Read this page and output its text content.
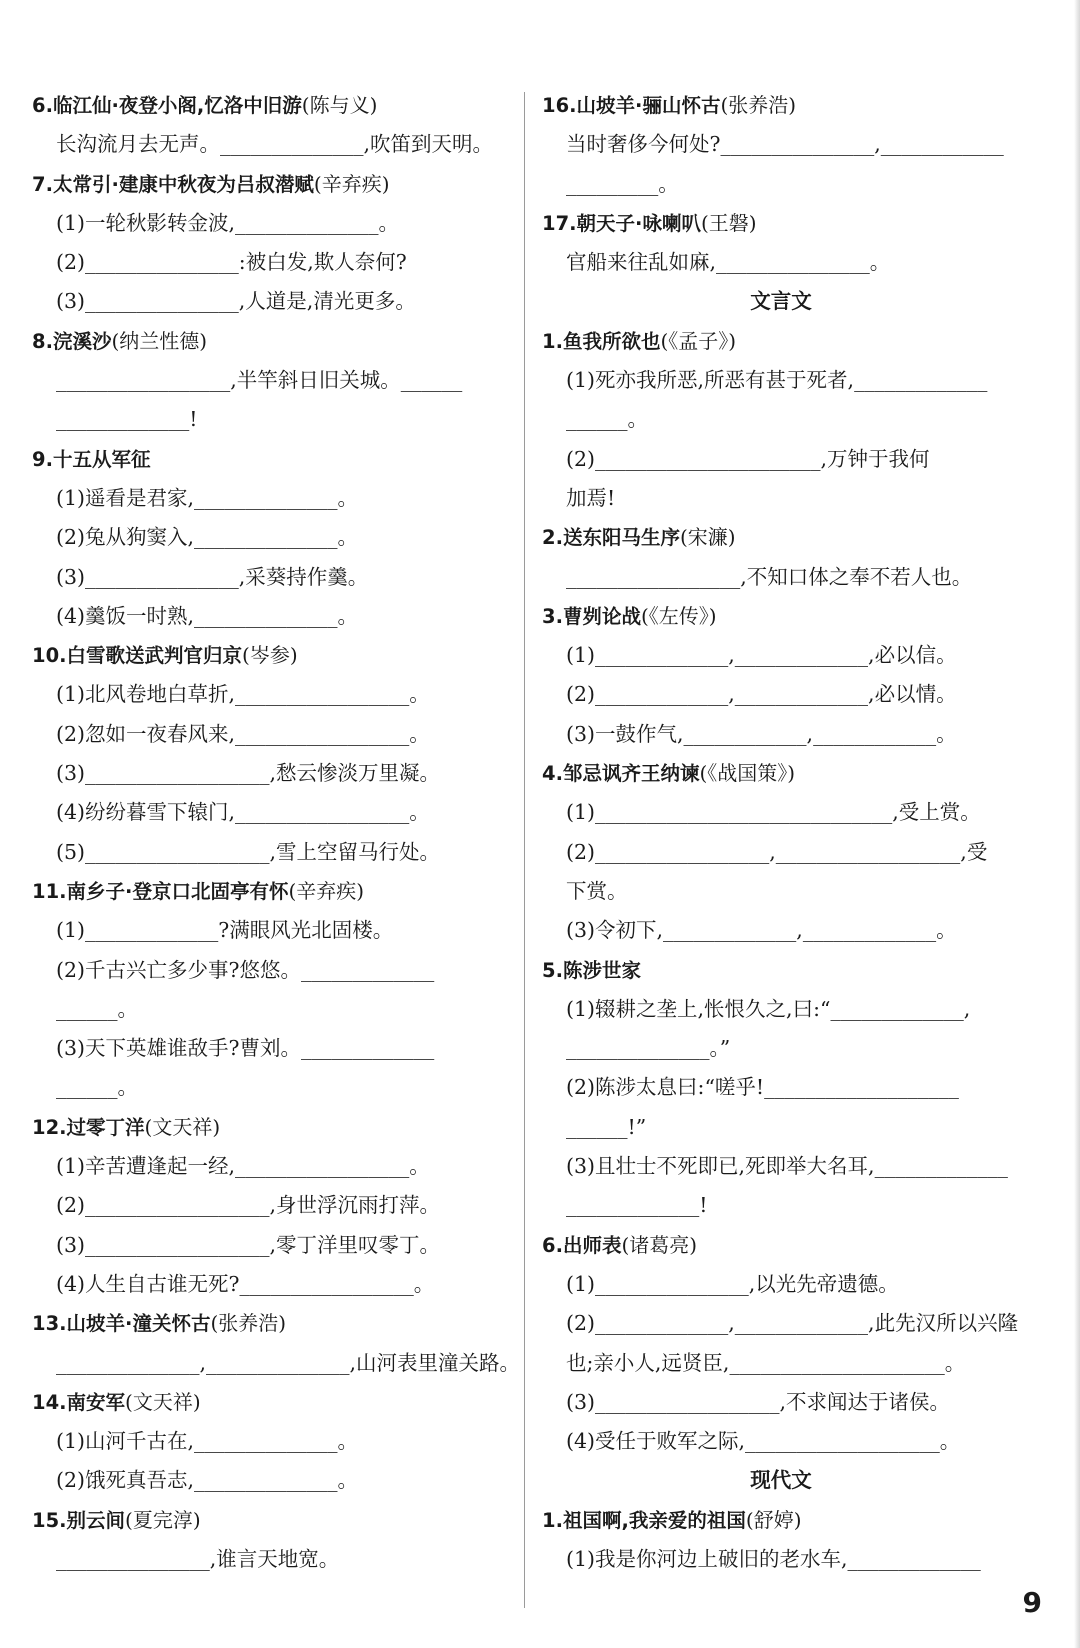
6.临江仙·夜登小阁,忆洛中旧游(陈与义)
长沟流月去无声。______________,吹笛到天明。
7.太常引·建康中秋夜为吕叔潜赋(辛弃疾)
(1)一轮秋影转金波,______________。
(2)_______________:被白发,欺人奈何?
(3)_______________,人道是,清光更多。
8.浣溪沙(纳兰性德)
_________________,半竿斜日旧关城。______
_____________!
9.十五从军征
(1)遥看是君家,______________。
(2)兔从狗窦入,______________。
(3)_______________,采葵持作羹。
(4)羹饭一时熟,______________。
10.白雪歌送武判官归京(岑参)
(1)北风卷地白草折,_________________。
(2)忽如一夜春风来,_________________。
(3)__________________,愁云惨淡万里凝。
(4)纷纷暮雪下辕门,_________________。
(5)__________________,雪上空留马行处。
11.南乡子·登京口北固亭有怀(辛弃疾)
(1)_____________?满眼风光北固楼。
(2)千古兴亡多少事?悠悠。_____________
______。
(3)天下英雄谁敌手?曹刘。_____________
______。
12.过零丁洋(文天祥)
(1)辛苦遭逢起一经,_________________。
(2)__________________,身世浮沉雨打萍。
(3)__________________,零丁洋里叹零丁。
(4)人生自古谁无死?_________________。
13.山坡羊·潼关怀古(张养浩)
______________,______________,山河表里潼关路。
14.南安军(文天祥)
(1)山河千古在,______________。
(2)饿死真吾志,______________。
15.别云间(夏完淳)
_______________,谁言天地宽。
16.山坡羊·骊山怀古(张养浩)
当时奢侈今何处?_______________,____________
_________。
17.朝天子·咏喇叭(王磐)
官船来往乱如麻,_______________。
文言文
1.鱼我所欲也(《孟子》)
(1)死亦我所恶,所恶有甚于死者,_____________
______。
(2)______________________,万钟于我何
加焉!
2.送东阳马生序(宋濂)
_________________,不知口体之奉不若人也。
3.曹刿论战(《左传》)
(1)_____________,_____________,必以信。
(2)_____________,_____________,必以情。
(3)一鼓作气,____________,____________。
4.邹忌讽齐王纳谏(《战国策》)
(1)_____________________________,受上赏。
(2)_________________,__________________,受
下赏。
(3)令初下,_____________,_____________。
5.陈涉世家
(1)辍耕之垄上,怅恨久之,曰:“_____________,
______________。”
(2)陈涉太息曰:“嗟乎!___________________
______!”
(3)且壮士不死即已,死即举大名耳,_____________
_____________!
6.出师表(诸葛亮)
(1)_______________,以光先帝遗德。
(2)_____________,_____________,此先汉所以兴隆
也;亲小人,远贤臣,_____________________。
(3)__________________,不求闻达于诸侯。
(4)受任于败军之际,___________________。
现代文
1.祖国啊,我亲爱的祖国(舒婷)
(1)我是你河边上破旧的老水车,_____________
9
